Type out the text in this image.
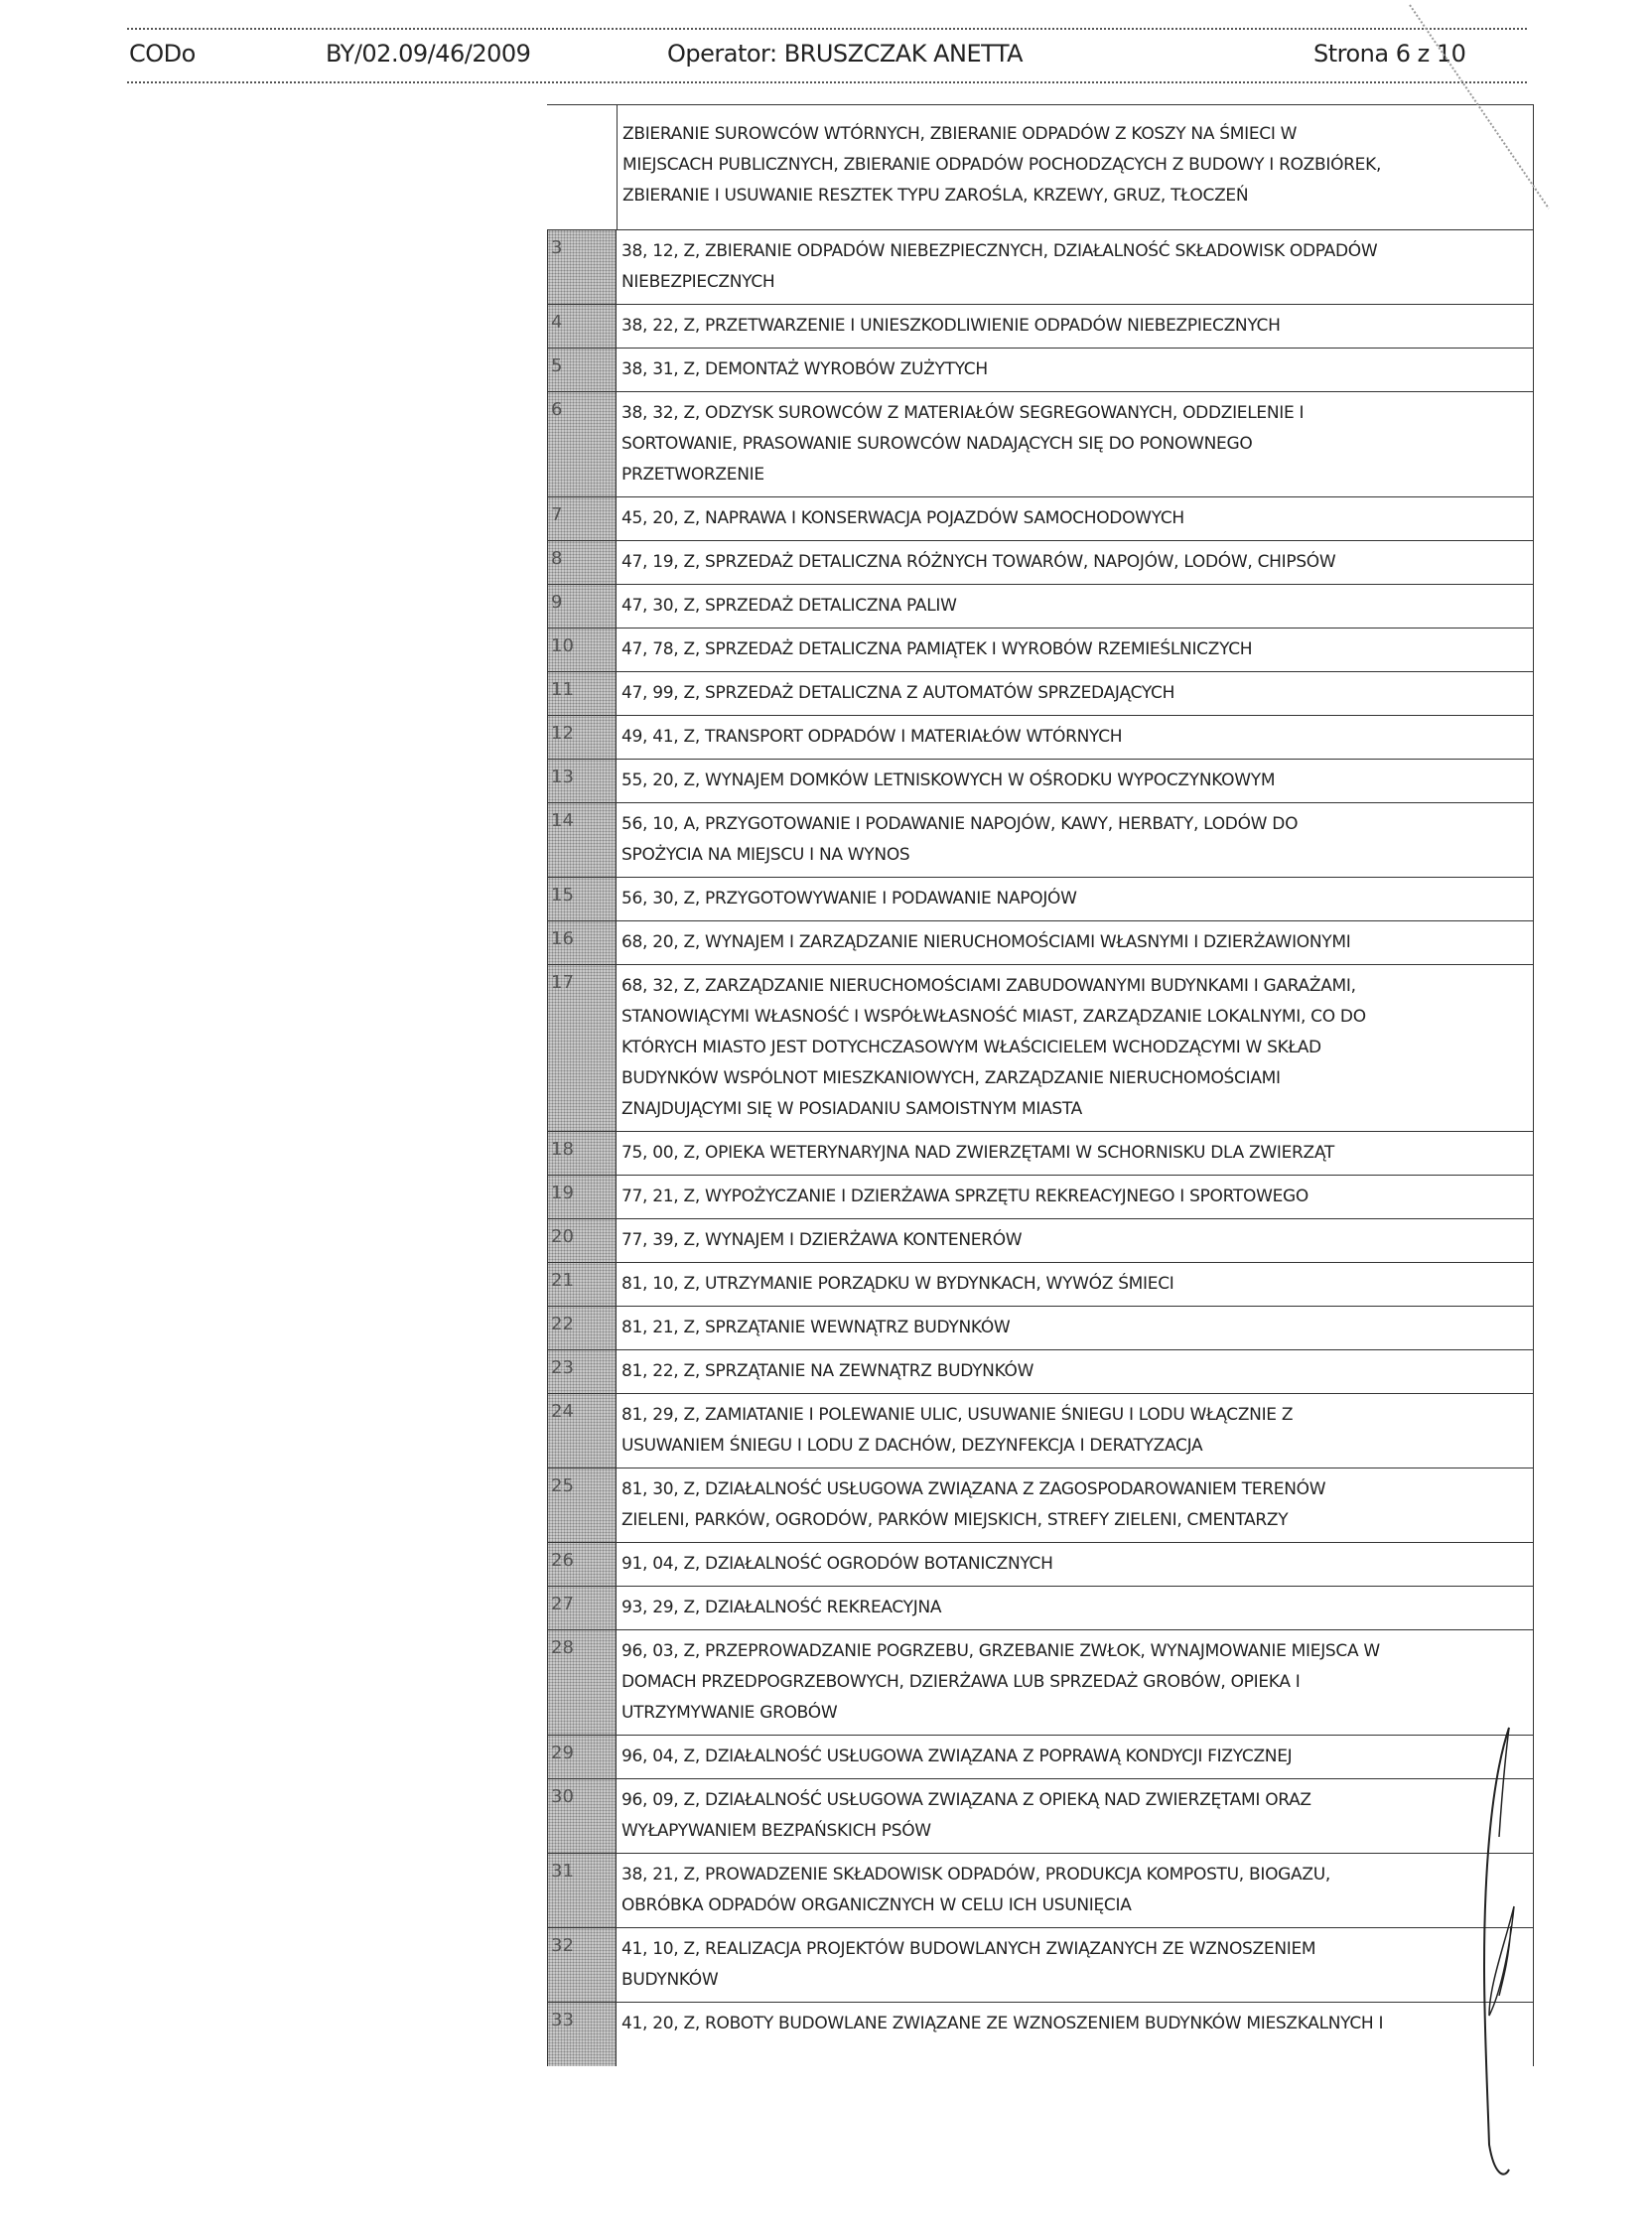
CODo	BY/02.09/46/2009	Operator: BRUSZCZAK ANETTA	Strona 6 z 10
ZBIERANIE SUROWCÓW WTÓRNYCH, ZBIERANIE ODPADÓW Z KOSZY NA ŚMIECI W
MIEJSCACH PUBLICZNYCH, ZBIERANIE ODPADÓW POCHODZĄCYCH Z BUDOWY I ROZBIÓREK,
ZBIERANIE I USUWANIE RESZTEK TYPU ZAROŚLA, KRZEWY, GRUZ, TŁOCZEŃ
3	38, 12, Z, ZBIERANIE ODPADÓW NIEBEZPIECZNYCH, DZIAŁALNOŚĆ SKŁADOWISK ODPADÓW
NIEBEZPIECZNYCH
4	38, 22, Z, PRZETWARZENIE I UNIESZKODLIWIENIE ODPADÓW NIEBEZPIECZNYCH
5	38, 31, Z, DEMONTAŻ WYROBÓW ZUŻYTYCH
6	38, 32, Z, ODZYSK SUROWCÓW Z MATERIAŁÓW SEGREGOWANYCH, ODDZIELENIE I
SORTOWANIE, PRASOWANIE SUROWCÓW NADAJĄCYCH SIĘ DO PONOWNEGO
PRZETWORZENIE
7	45, 20, Z, NAPRAWA I KONSERWACJA POJAZDÓW SAMOCHODOWYCH
8	47, 19, Z, SPRZEDAŻ DETALICZNA RÓŻNYCH TOWARÓW, NAPOJÓW, LODÓW, CHIPSÓW
9	47, 30, Z, SPRZEDAŻ DETALICZNA PALIW
10	47, 78, Z, SPRZEDAŻ DETALICZNA PAMIĄTEK I WYROBÓW RZEMIEŚLNICZYCH
11	47, 99, Z, SPRZEDAŻ DETALICZNA Z AUTOMATÓW SPRZEDAJĄCYCH
12	49, 41, Z, TRANSPORT ODPADÓW I MATERIAŁÓW WTÓRNYCH
13	55, 20, Z, WYNAJEM DOMKÓW LETNISKOWYCH W OŚRODKU WYPOCZYNKOWYM
14	56, 10, A, PRZYGOTOWANIE I PODAWANIE NAPOJÓW, KAWY, HERBATY, LODÓW DO
SPOŻYCIA NA MIEJSCU I NA WYNOS
15	56, 30, Z, PRZYGOTOWYWANIE I PODAWANIE NAPOJÓW
16	68, 20, Z, WYNAJEM I ZARZĄDZANIE NIERUCHOMOŚCIAMI WŁASNYMI I DZIERŻAWIONYMI
17	68, 32, Z, ZARZĄDZANIE NIERUCHOMOŚCIAMI ZABUDOWANYMI BUDYNKAMI I GARAŻAMI,
STANOWIĄCYMI WŁASNOŚĆ I WSPÓŁWŁASNOŚĆ MIAST, ZARZĄDZANIE LOKALNYMI, CO DO
KTÓRYCH MIASTO JEST DOTYCHCZASOWYM WŁAŚCICIELEM WCHODZĄCYMI W SKŁAD
BUDYNKÓW WSPÓLNOT MIESZKANIOWYCH, ZARZĄDZANIE NIERUCHOMOŚCIAMI
ZNAJDUJĄCYMI SIĘ W POSIADANIU SAMOISTNYM MIASTA
18	75, 00, Z, OPIEKA WETERYNARYJNA NAD ZWIERZĘTAMI W SCHORNISKU DLA ZWIERZĄT
19	77, 21, Z, WYPOŻYCZANIE I DZIERŻAWA SPRZĘTU REKREACYJNEGO I SPORTOWEGO
20	77, 39, Z, WYNAJEM I DZIERŻAWA KONTENERÓW
21	81, 10, Z, UTRZYMANIE PORZĄDKU W BYDYNKACH, WYWÓZ ŚMIECI
22	81, 21, Z, SPRZĄTANIE WEWNĄTRZ BUDYNKÓW
23	81, 22, Z, SPRZĄTANIE NA ZEWNĄTRZ BUDYNKÓW
24	81, 29, Z, ZAMIATANIE I POLEWANIE ULIC, USUWANIE ŚNIEGU I LODU WŁĄCZNIE Z
USUWANIEM ŚNIEGU I LODU Z DACHÓW, DEZYNFEKCJA I DERATYZACJA
25	81, 30, Z, DZIAŁALNOŚĆ USŁUGOWA ZWIĄZANA Z ZAGOSPODAROWANIEM TERENÓW
ZIELENI, PARKÓW, OGRODÓW, PARKÓW MIEJSKICH, STREFY ZIELENI, CMENTARZY
26	91, 04, Z, DZIAŁALNOŚĆ OGRODÓW BOTANICZNYCH
27	93, 29, Z, DZIAŁALNOŚĆ REKREACYJNA
28	96, 03, Z, PRZEPROWADZANIE POGRZEBU, GRZEBANIE ZWŁOK, WYNAJMOWANIE MIEJSCA W
DOMACH PRZEDPOGRZEBOWYCH, DZIERŻAWA LUB SPRZEDAŻ GROBÓW, OPIEKA I
UTRZYMYWANIE GROBÓW
29	96, 04, Z, DZIAŁALNOŚĆ USŁUGOWA ZWIĄZANA Z POPRAWĄ KONDYCJI FIZYCZNEJ
30	96, 09, Z, DZIAŁALNOŚĆ USŁUGOWA ZWIĄZANA Z OPIEKĄ NAD ZWIERZĘTAMI ORAZ
WYŁAPYWANIEM BEZPAŃSKICH PSÓW
31	38, 21, Z, PROWADZENIE SKŁADOWISK ODPADÓW, PRODUKCJA KOMPOSTU, BIOGAZU,
OBRÓBKA ODPADÓW ORGANICZNYCH W CELU ICH USUNIĘCIA
32	41, 10, Z, REALIZACJA PROJEKTÓW BUDOWLANYCH ZWIĄZANYCH ZE WZNOSZENIEM
BUDYNKÓW
33	41, 20, Z, ROBOTY BUDOWLANE ZWIĄZANE ZE WZNOSZENIEM BUDYNKÓW MIESZKALNYCH I
